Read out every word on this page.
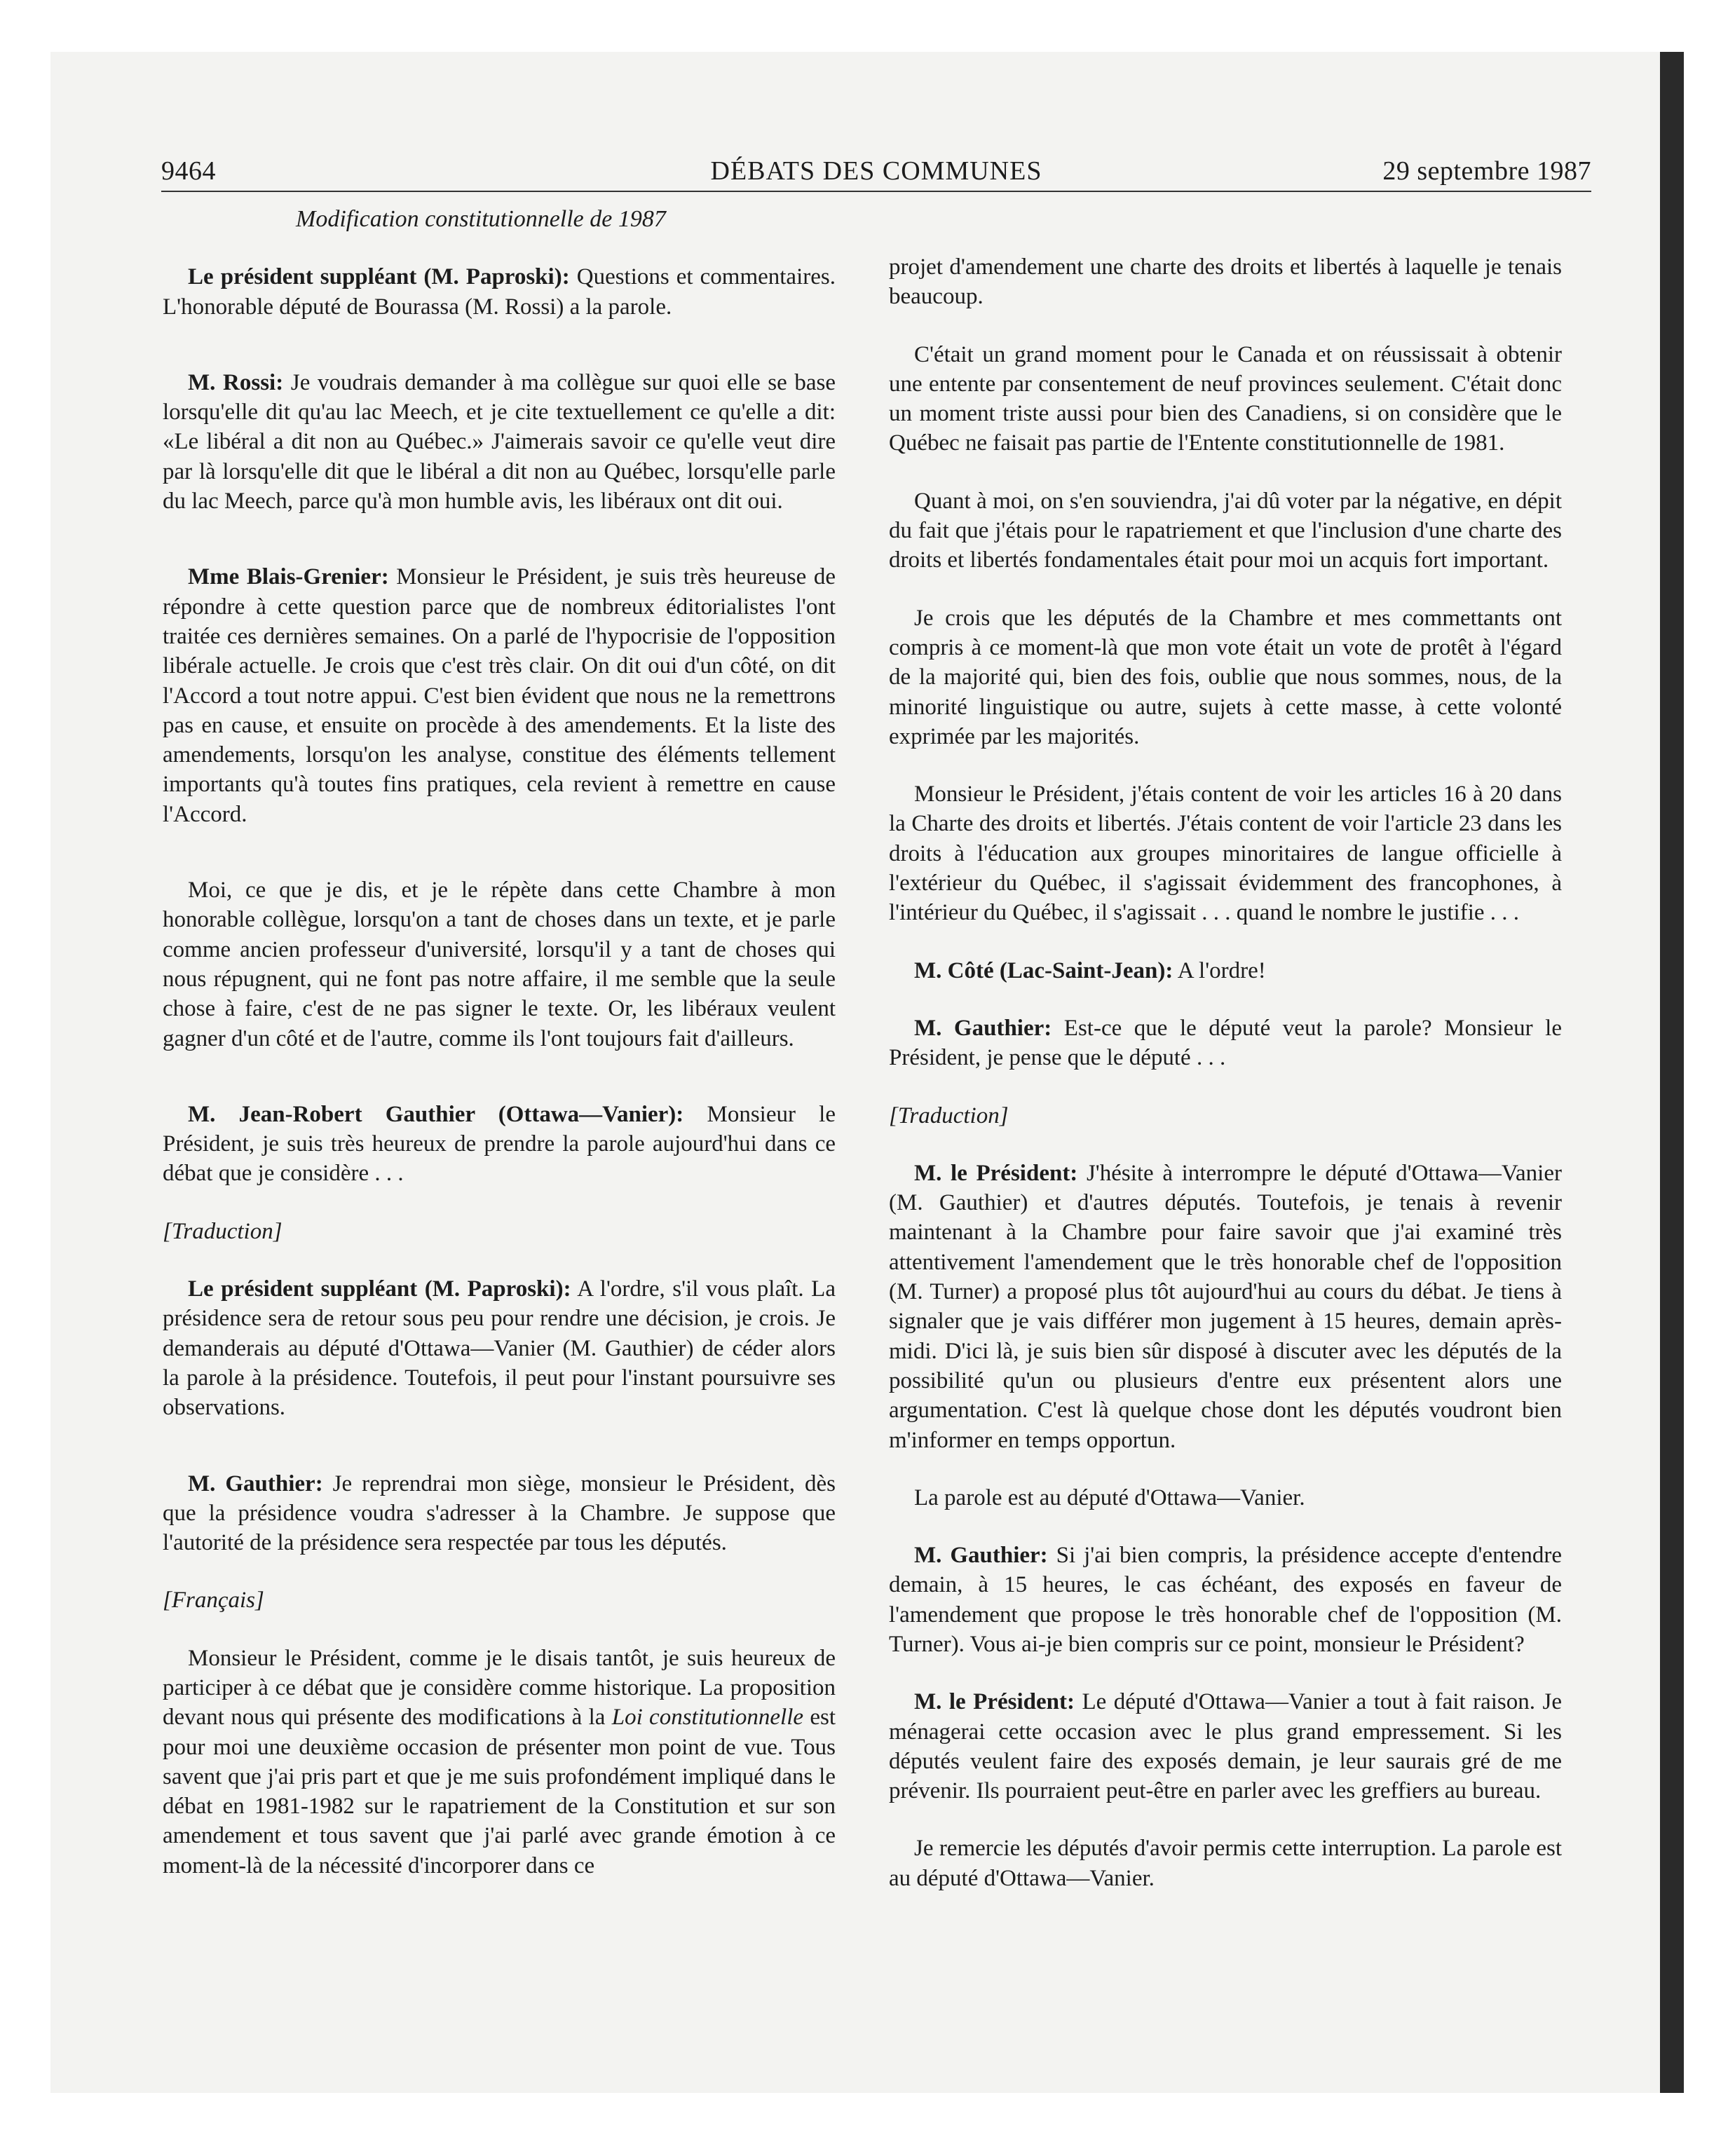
9464	DÉBATS DES COMMUNES	29 septembre 1987

Modification constitutionnelle de 1987

Le président suppléant (M. Paproski): Questions et commentaires. L'honorable député de Bourassa (M. Rossi) a la parole.

M. Rossi: Je voudrais demander à ma collègue sur quoi elle se base lorsqu'elle dit qu'au lac Meech, et je cite textuellement ce qu'elle a dit: «Le libéral a dit non au Québec.» J'aimerais savoir ce qu'elle veut dire par là lorsqu'elle dit que le libéral a dit non au Québec, lorsqu'elle parle du lac Meech, parce qu'à mon humble avis, les libéraux ont dit oui.

Mme Blais-Grenier: Monsieur le Président, je suis très heureuse de répondre à cette question parce que de nombreux éditorialistes l'ont traitée ces dernières semaines. On a parlé de l'hypocrisie de l'opposition libérale actuelle. Je crois que c'est très clair. On dit oui d'un côté, on dit l'Accord a tout notre appui. C'est bien évident que nous ne la remettrons pas en cause, et ensuite on procède à des amendements. Et la liste des amendements, lorsqu'on les analyse, constitue des éléments tellement importants qu'à toutes fins pratiques, cela revient à remettre en cause l'Accord.

Moi, ce que je dis, et je le répète dans cette Chambre à mon honorable collègue, lorsqu'on a tant de choses dans un texte, et je parle comme ancien professeur d'université, lorsqu'il y a tant de choses qui nous répugnent, qui ne font pas notre affaire, il me semble que la seule chose à faire, c'est de ne pas signer le texte. Or, les libéraux veulent gagner d'un côté et de l'autre, comme ils l'ont toujours fait d'ailleurs.

M. Jean-Robert Gauthier (Ottawa—Vanier): Monsieur le Président, je suis très heureux de prendre la parole aujourd'hui dans ce débat que je considère . . .

[Traduction]

Le président suppléant (M. Paproski): A l'ordre, s'il vous plaît. La présidence sera de retour sous peu pour rendre une décision, je crois. Je demanderais au député d'Ottawa—Vanier (M. Gauthier) de céder alors la parole à la présidence. Toutefois, il peut pour l'instant poursuivre ses observations.

M. Gauthier: Je reprendrai mon siège, monsieur le Président, dès que la présidence voudra s'adresser à la Chambre. Je suppose que l'autorité de la présidence sera respectée par tous les députés.

[Français]

Monsieur le Président, comme je le disais tantôt, je suis heureux de participer à ce débat que je considère comme historique. La proposition devant nous qui présente des modifications à la Loi constitutionnelle est pour moi une deuxième occasion de présenter mon point de vue. Tous savent que j'ai pris part et que je me suis profondément impliqué dans le débat en 1981-1982 sur le rapatriement de la Constitution et sur son amendement et tous savent que j'ai parlé avec grande émotion à ce moment-là de la nécessité d'incorporer dans ce

projet d'amendement une charte des droits et libertés à laquelle je tenais beaucoup.

C'était un grand moment pour le Canada et on réussissait à obtenir une entente par consentement de neuf provinces seulement. C'était donc un moment triste aussi pour bien des Canadiens, si on considère que le Québec ne faisait pas partie de l'Entente constitutionnelle de 1981.

Quant à moi, on s'en souviendra, j'ai dû voter par la négative, en dépit du fait que j'étais pour le rapatriement et que l'inclusion d'une charte des droits et libertés fondamentales était pour moi un acquis fort important.

Je crois que les députés de la Chambre et mes commettants ont compris à ce moment-là que mon vote était un vote de protêt à l'égard de la majorité qui, bien des fois, oublie que nous sommes, nous, de la minorité linguistique ou autre, sujets à cette masse, à cette volonté exprimée par les majorités.

Monsieur le Président, j'étais content de voir les articles 16 à 20 dans la Charte des droits et libertés. J'étais content de voir l'article 23 dans les droits à l'éducation aux groupes minoritaires de langue officielle à l'extérieur du Québec, il s'agissait évidemment des francophones, à l'intérieur du Québec, il s'agissait . . . quand le nombre le justifie . . .

M. Côté (Lac-Saint-Jean): A l'ordre!

M. Gauthier: Est-ce que le député veut la parole? Monsieur le Président, je pense que le député . . .

[Traduction]

M. le Président: J'hésite à interrompre le député d'Ottawa—Vanier (M. Gauthier) et d'autres députés. Toutefois, je tenais à revenir maintenant à la Chambre pour faire savoir que j'ai examiné très attentivement l'amendement que le très honorable chef de l'opposition (M. Turner) a proposé plus tôt aujourd'hui au cours du débat. Je tiens à signaler que je vais différer mon jugement à 15 heures, demain après-midi. D'ici là, je suis bien sûr disposé à discuter avec les députés de la possibilité qu'un ou plusieurs d'entre eux présentent alors une argumentation. C'est là quelque chose dont les députés voudront bien m'informer en temps opportun.

La parole est au député d'Ottawa—Vanier.

M. Gauthier: Si j'ai bien compris, la présidence accepte d'entendre demain, à 15 heures, le cas échéant, des exposés en faveur de l'amendement que propose le très honorable chef de l'opposition (M. Turner). Vous ai-je bien compris sur ce point, monsieur le Président?

M. le Président: Le député d'Ottawa—Vanier a tout à fait raison. Je ménagerai cette occasion avec le plus grand empressement. Si les députés veulent faire des exposés demain, je leur saurais gré de me prévenir. Ils pourraient peut-être en parler avec les greffiers au bureau.

Je remercie les députés d'avoir permis cette interruption. La parole est au député d'Ottawa—Vanier.
